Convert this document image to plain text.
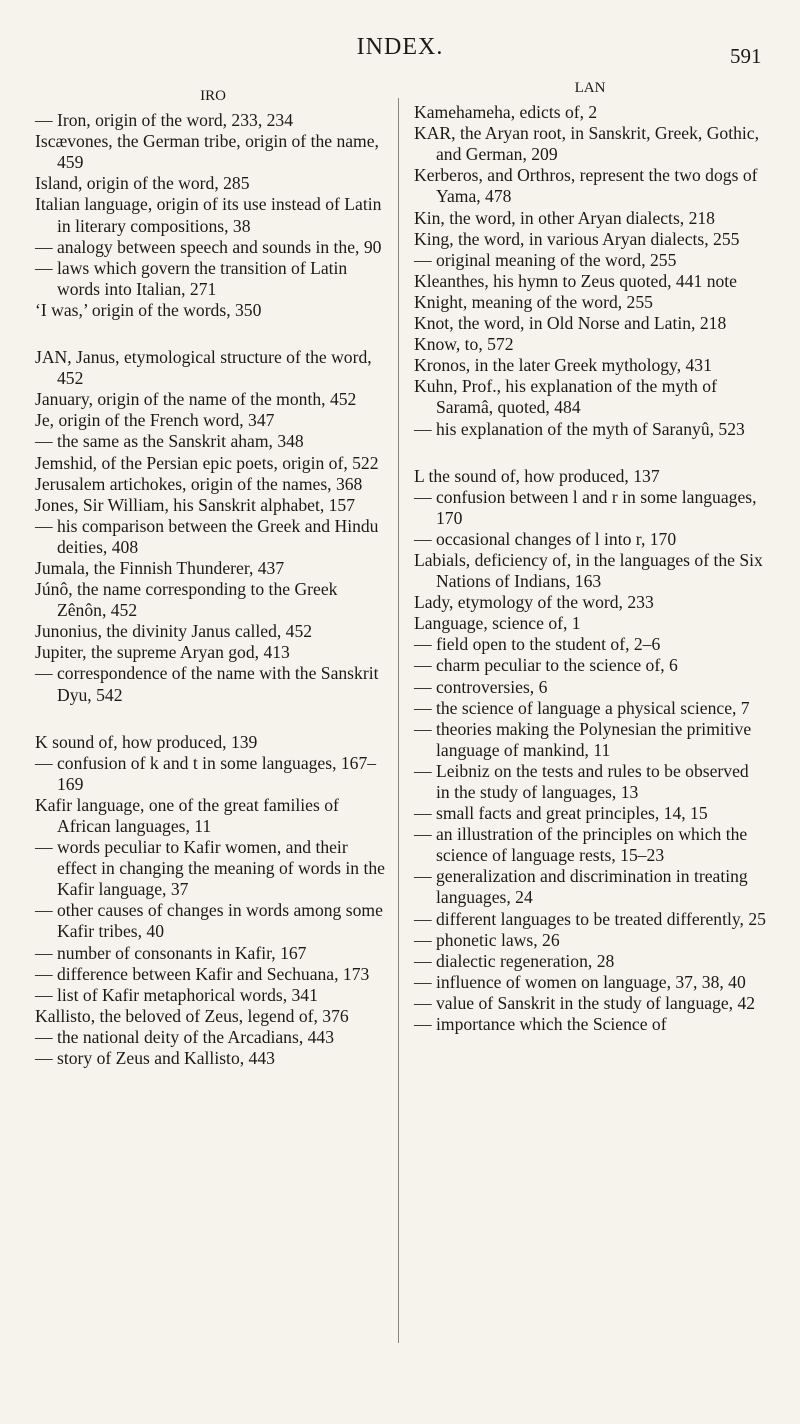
INDEX.	591
IRO
— Iron, origin of the word, 233, 234
Iscævones, the German tribe, origin of the name, 459
Island, origin of the word, 285
Italian language, origin of its use instead of Latin in literary compositions, 38
— analogy between speech and sounds in the, 90
— laws which govern the transition of Latin words into Italian, 271
‘I was,’ origin of the words, 350
JAN, Janus, etymological structure of the word, 452
January, origin of the name of the month, 452
Je, origin of the French word, 347
— the same as the Sanskrit aham, 348
Jemshid, of the Persian epic poets, origin of, 522
Jerusalem artichokes, origin of the names, 368
Jones, Sir William, his Sanskrit alphabet, 157
— his comparison between the Greek and Hindu deities, 408
Jumala, the Finnish Thunderer, 437
Júnô, the name corresponding to the Greek Zênôn, 452
Junonius, the divinity Janus called, 452
Jupiter, the supreme Aryan god, 413
— correspondence of the name with the Sanskrit Dyu, 542
K sound of, how produced, 139
— confusion of k and t in some languages, 167–169
Kafir language, one of the great families of African languages, 11
— words peculiar to Kafir women, and their effect in changing the meaning of words in the Kafir language, 37
— other causes of changes in words among some Kafir tribes, 40
— number of consonants in Kafir, 167
— difference between Kafir and Sechuana, 173
— list of Kafir metaphorical words, 341
Kallisto, the beloved of Zeus, legend of, 376
— the national deity of the Arcadians, 443
— story of Zeus and Kallisto, 443
LAN
Kamehameha, edicts of, 2
KAR, the Aryan root, in Sanskrit, Greek, Gothic, and German, 209
Kerberos, and Orthros, represent the two dogs of Yama, 478
Kin, the word, in other Aryan dialects, 218
King, the word, in various Aryan dialects, 255
— original meaning of the word, 255
Kleanthes, his hymn to Zeus quoted, 441 note
Knight, meaning of the word, 255
Knot, the word, in Old Norse and Latin, 218
Know, to, 572
Kronos, in the later Greek mythology, 431
Kuhn, Prof., his explanation of the myth of Saramâ, quoted, 484
— his explanation of the myth of Saranyû, 523
L the sound of, how produced, 137
— confusion between l and r in some languages, 170
— occasional changes of l into r, 170
Labials, deficiency of, in the languages of the Six Nations of Indians, 163
Lady, etymology of the word, 233
Language, science of, 1
— field open to the student of, 2–6
— charm peculiar to the science of, 6
— controversies, 6
— the science of language a physical science, 7
— theories making the Polynesian the primitive language of mankind, 11
— Leibniz on the tests and rules to be observed in the study of languages, 13
— small facts and great principles, 14, 15
— an illustration of the principles on which the science of language rests, 15–23
— generalization and discrimination in treating languages, 24
— different languages to be treated differently, 25
— phonetic laws, 26
— dialectic regeneration, 28
— influence of women on language, 37, 38, 40
— value of Sanskrit in the study of language, 42
— importance which the Science of
